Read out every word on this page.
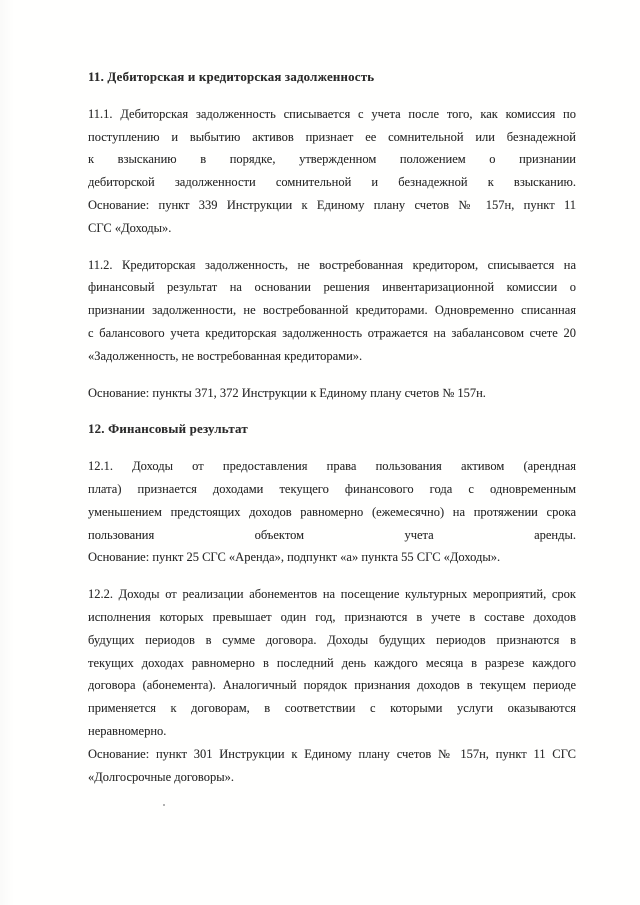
11. Дебиторская и кредиторская задолженность
11.1. Дебиторская задолженность списывается с учета после того, как комиссия по
поступлению и выбытию активов признает ее сомнительной или безнадежной
к взысканию в порядке, утвержденном положением о признании
дебиторской задолженности сомнительной и безнадежной к взысканию.
Основание: пункт 339 Инструкции к Единому плану счетов № 157н, пункт 11
СГС «Доходы».
11.2. Кредиторская задолженность, не востребованная кредитором, списывается на
финансовый результат на основании решения инвентаризационной комиссии о
признании задолженности, не востребованной кредиторами. Одновременно списанная
с балансового учета кредиторская задолженность отражается на забалансовом счете 20
«Задолженность, не востребованная кредиторами».
Основание: пункты 371, 372 Инструкции к Единому плану счетов № 157н.
12. Финансовый результат
12.1. Доходы от предоставления права пользования активом (арендная
плата) признается доходами текущего финансового года с одновременным
уменьшением предстоящих доходов равномерно (ежемесячно) на протяжении срока
пользования объектом учета аренды.
Основание: пункт 25 СГС «Аренда», подпункт «а» пункта 55 СГС «Доходы».
12.2. Доходы от реализации абонементов на посещение культурных мероприятий, срок
исполнения которых превышает один год, признаются в учете в составе доходов
будущих периодов в сумме договора. Доходы будущих периодов признаются в
текущих доходах равномерно в последний день каждого месяца в разрезе каждого
договора (абонемента). Аналогичный порядок признания доходов в текущем периоде
применяется к договорам, в соответствии с которыми услуги оказываются
неравномерно.
Основание: пункт 301 Инструкции к Единому плану счетов № 157н, пункт 11 СГС
«Долгосрочные договоры».
